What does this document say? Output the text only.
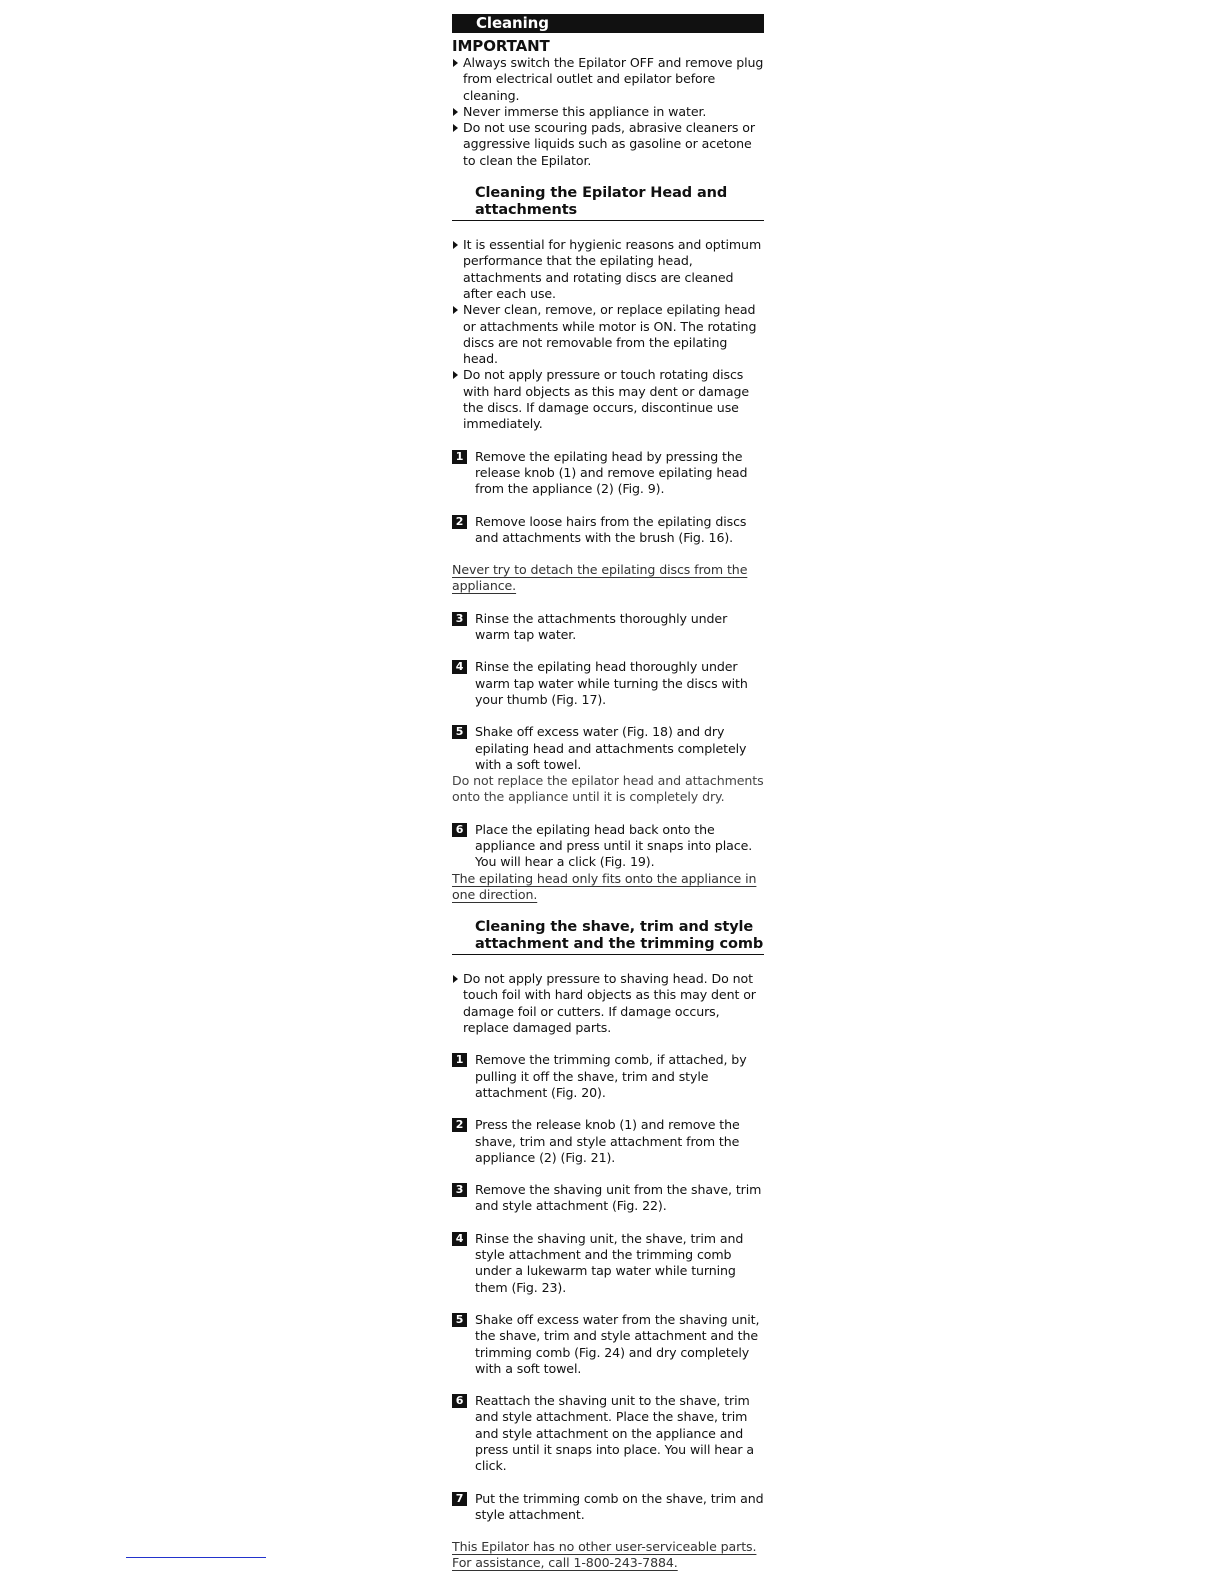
Cleaning
IMPORTANT

Always switch the Epilator OFF and remove plug from electrical outlet and epilator before cleaning.

Never immerse this appliance in water.

Do not use scouring pads, abrasive cleaners or aggressive liquids such as gasoline or acetone to clean the Epilator.

Cleaning the Epilator Head and attachments

It is essential for hygienic reasons and optimum performance that the epilating head, attachments and rotating discs are cleaned after each use.

Never clean, remove, or replace epilating head or attachments while motor is ON. The rotating discs are not removable from the epilating head.

Do not apply pressure or touch rotating discs with hard objects as this may dent or damage the discs. If damage occurs, discontinue use immediately.

1 Remove the epilating head by pressing the release knob (1) and remove epilating head from the appliance (2) (Fig. 9).
2 Remove loose hairs from the epilating discs and attachments with the brush (Fig. 16).

Never try to detach the epilating discs from the appliance.

3 Rinse the attachments thoroughly under warm tap water.
4 Rinse the epilating head thoroughly under warm tap water while turning the discs with your thumb (Fig. 17).
5 Shake off excess water (Fig. 18) and dry epilating head and attachments completely with a soft towel.

Do not replace the epilator head and attachments onto the appliance until it is completely dry.

6 Place the epilating head back onto the appliance and press until it snaps into place. You will hear a click (Fig. 19).

The epilating head only fits onto the appliance in one direction.

Cleaning the shave, trim and style attachment and the trimming comb

Do not apply pressure to shaving head. Do not touch foil with hard objects as this may dent or damage foil or cutters. If damage occurs, replace damaged parts.

1 Remove the trimming comb, if attached, by pulling it off the shave, trim and style attachment (Fig. 20).
2 Press the release knob (1) and remove the shave, trim and style attachment from the appliance (2) (Fig. 21).
3 Remove the shaving unit from the shave, trim and style attachment (Fig. 22).
4 Rinse the shaving unit, the shave, trim and style attachment and the trimming comb under a lukewarm tap water while turning them (Fig. 23).
5 Shake off excess water from the shaving unit, the shave, trim and style attachment and the trimming comb (Fig. 24) and dry completely with a soft towel.
6 Reattach the shaving unit to the shave, trim and style attachment. Place the shave, trim and style attachment on the appliance and press until it snaps into place. You will hear a click.
7 Put the trimming comb on the shave, trim and style attachment.

This Epilator has no other user-serviceable parts. For assistance, call 1-800-243-7884.
